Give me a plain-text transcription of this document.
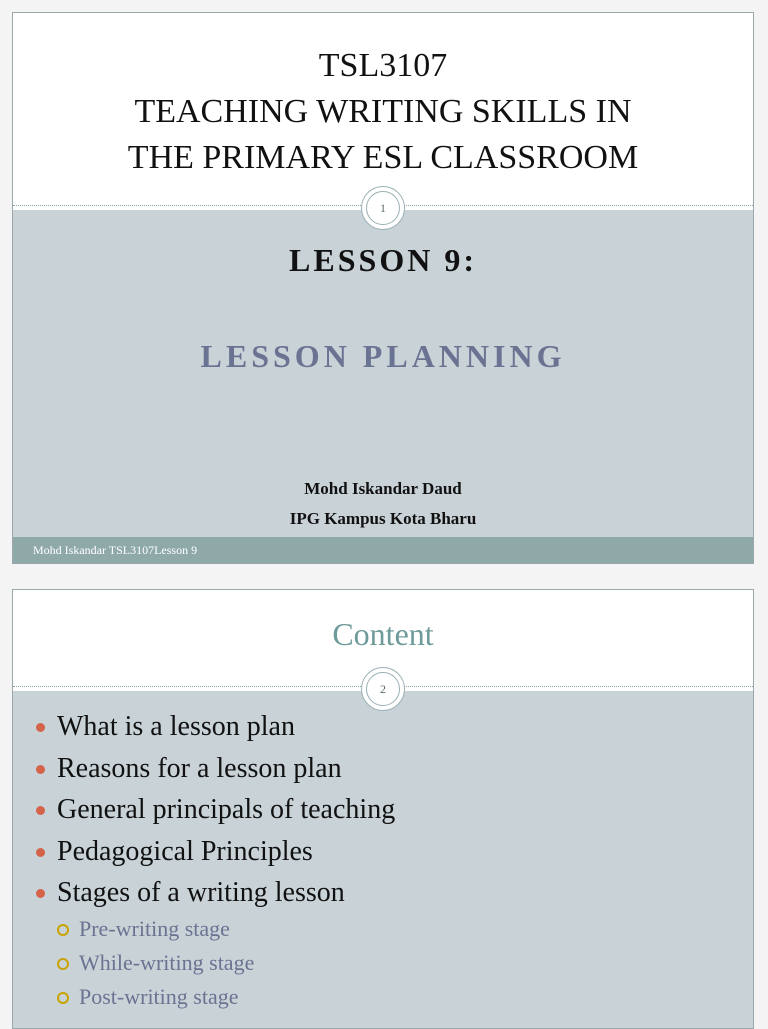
TSL3107
TEACHING WRITING SKILLS IN
THE PRIMARY ESL CLASSROOM
1
LESSON 9:
LESSON PLANNING
Mohd Iskandar Daud
IPG Kampus Kota Bharu
Mohd Iskandar TSL3107Lesson 9
Content
2
What is a lesson plan
Reasons for a lesson plan
General principals of teaching
Pedagogical Principles
Stages of a writing lesson
Pre-writing stage
While-writing stage
Post-writing stage
